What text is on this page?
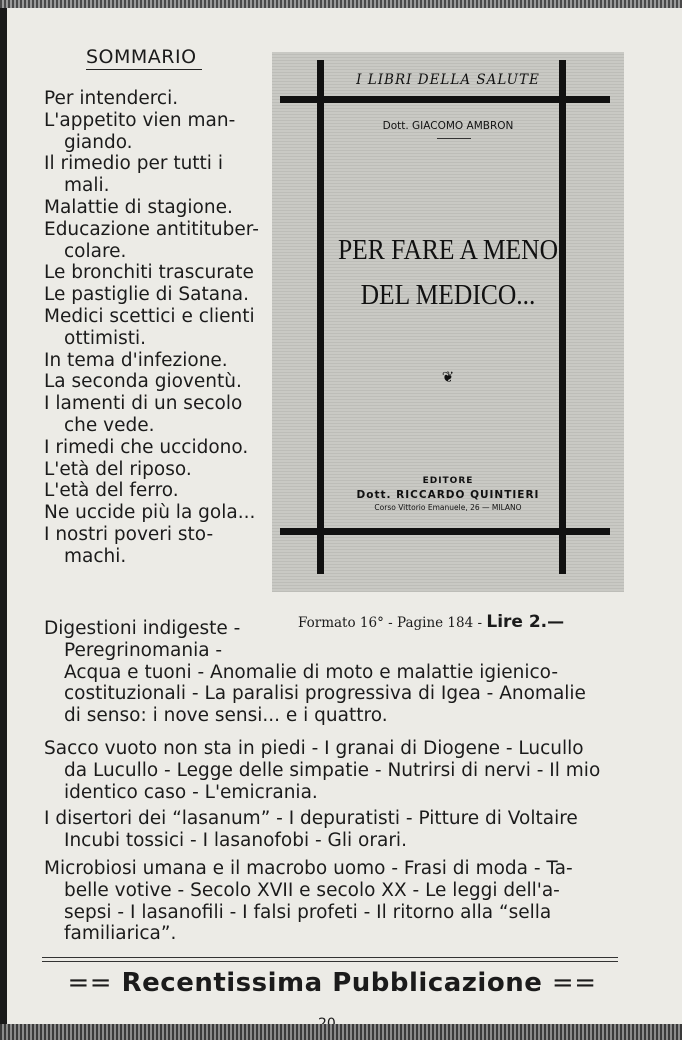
SOMMARIO
Per intenderci.
L'appetito vien man-
giando.
Il rimedio per tutti i
mali.
Malattie di stagione.
Educazione antitituber-
colare.
Le bronchiti trascurate
Le pastiglie di Satana.
Medici scettici e clienti
ottimisti.
In tema d'infezione.
La seconda gioventù.
I lamenti di un secolo
che vede.
I rimedi che uccidono.
L'età del riposo.
L'età del ferro.
Ne uccide più la gola...
I nostri poveri sto-
machi.
I LIBRI DELLA SALUTE
Dott. GIACOMO AMBRON
PER FARE A MENO
DEL MEDICO...
❦
EDITORE
Dott. RICCARDO QUINTIERI
Corso Vittorio Emanuele, 26 — MILANO
Formato 16° - Pagine 184 - Lire 2.—
Digestioni indigeste -
Peregrinomania -
Acqua e tuoni - Anomalie di moto e malattie igienico-
costituzionali - La paralisi progressiva di Igea - Anomalie
di senso: i nove sensi... e i quattro.
Sacco vuoto non sta in piedi - I granai di Diogene - Lucullo
da Lucullo - Legge delle simpatie - Nutrirsi di nervi - Il mio
identico caso - L'emicrania.
I disertori dei “lasanum” - I depuratisti - Pitture di Voltaire
Incubi tossici - I lasanofobi - Gli orari.
Microbiosi umana e il macrobo uomo - Frasi di moda - Ta-
belle votive - Secolo XVII e secolo XX - Le leggi dell'a-
sepsi - I lasanofili - I falsi profeti - Il ritorno alla “sella
familiarica”.
== Recentissima Pubblicazione ==
